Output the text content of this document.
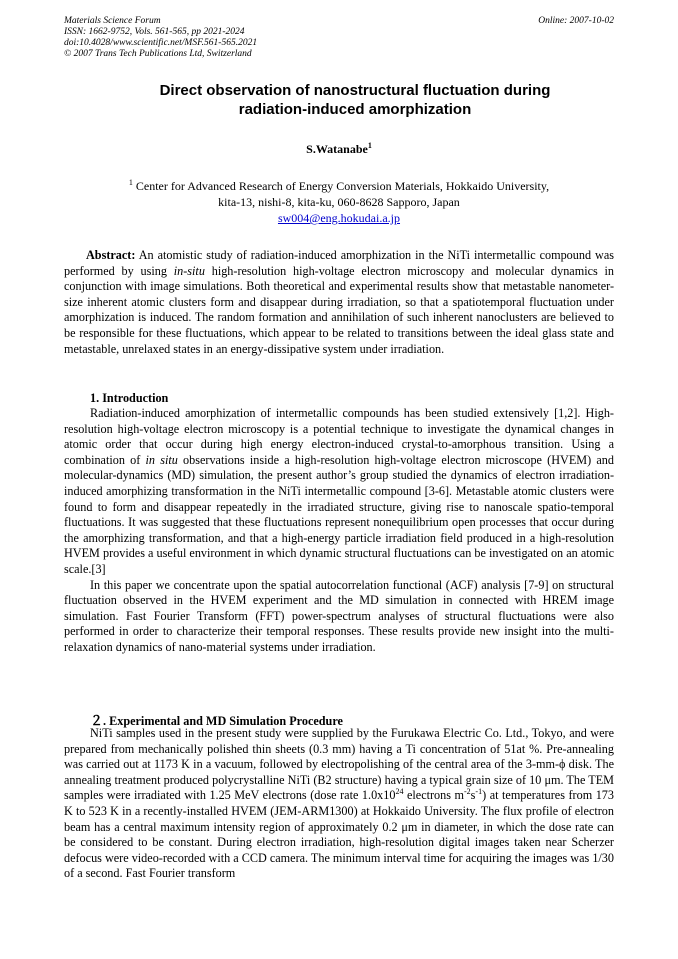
Materials Science Forum
ISSN: 1662-9752, Vols. 561-565, pp 2021-2024
doi:10.4028/www.scientific.net/MSF.561-565.2021
© 2007 Trans Tech Publications Ltd, Switzerland
Online: 2007-10-02
Direct observation of nanostructural fluctuation during
radiation-induced amorphization
S.Watanabe$^1$
$^1$ Center for Advanced Research of Energy Conversion Materials, Hokkaido University,
kita-13, nishi-8, kita-ku, 060-8628 Sapporo, Japan
sw004@eng.hokudai.a.jp

Abstract: An atomistic study of radiation-induced amorphization in the NiTi intermetallic compound was performed by using in-situ high-resolution high-voltage electron microscopy and molecular dynamics in conjunction with image simulations. Both theoretical and experimental results show that metastable nanometer-size inherent atomic clusters form and disappear during irradiation, so that a spatiotemporal fluctuation under amorphization is induced. The random formation and annihilation of such inherent nanoclusters are believed to be responsible for these fluctuations, which appear to be related to transitions between the ideal glass state and metastable, unrelaxed states in an energy-dissipative system under irradiation.

1. Introduction

Radiation-induced amorphization of intermetallic compounds has been studied extensively [1,2]. High-resolution high-voltage electron microscopy is a potential technique to investigate the dynamical changes in atomic order that occur during high energy electron-induced crystal-to-amorphous transition. Using a combination of in situ observations inside a high-resolution high-voltage electron microscope (HVEM) and molecular-dynamics (MD) simulation, the present author’s group studied the dynamics of electron irradiation-induced amorphizing transformation in the NiTi intermetallic compound [3-6]. Metastable atomic clusters were found to form and disappear repeatedly in the irradiated structure, giving rise to nanoscale spatio-temporal fluctuations. It was suggested that these fluctuations represent nonequilibrium open processes that occur during the amorphizing transformation, and that a high-energy particle irradiation field produced in a high-resolution HVEM provides a useful environment in which dynamic structural fluctuations can be investigated on an atomic scale.[3]

In this paper we concentrate upon the spatial autocorrelation functional (ACF) analysis [7-9] on structural fluctuation observed in the HVEM experiment and the MD simulation in connected with HREM image simulation. Fast Fourier Transform (FFT) power-spectrum analyses of structural fluctuations were also performed in order to characterize their temporal responses. These results provide new insight into the multi-relaxation dynamics of nano-material systems under irradiation.

２. Experimental and MD Simulation Procedure

NiTi samples used in the present study were supplied by the Furukawa Electric Co. Ltd., Tokyo, and were prepared from mechanically polished thin sheets (0.3 mm) having a Ti concentration of 51at %. Pre-annealing was carried out at 1173 K in a vacuum, followed by electropolishing of the central area of the 3-mm-ϕ disk. The annealing treatment produced polycrystalline NiTi (B2 structure) having a typical grain size of 10 μm. The TEM samples were irradiated with 1.25 MeV electrons (dose rate $1.0x10^{24}$ electrons $m^{-2}s^{-1}$) at temperatures from 173 K to 523 K in a recently-installed HVEM (JEM-ARM1300) at Hokkaido University. The flux profile of electron beam has a central maximum intensity region of approximately 0.2 μm in diameter, in which the dose rate can be considered to be constant. During electron irradiation, high-resolution digital images taken near Scherzer defocus were video-recorded with a CCD camera. The minimum interval time for acquiring the images was 1/30 of a second. Fast Fourier transform
